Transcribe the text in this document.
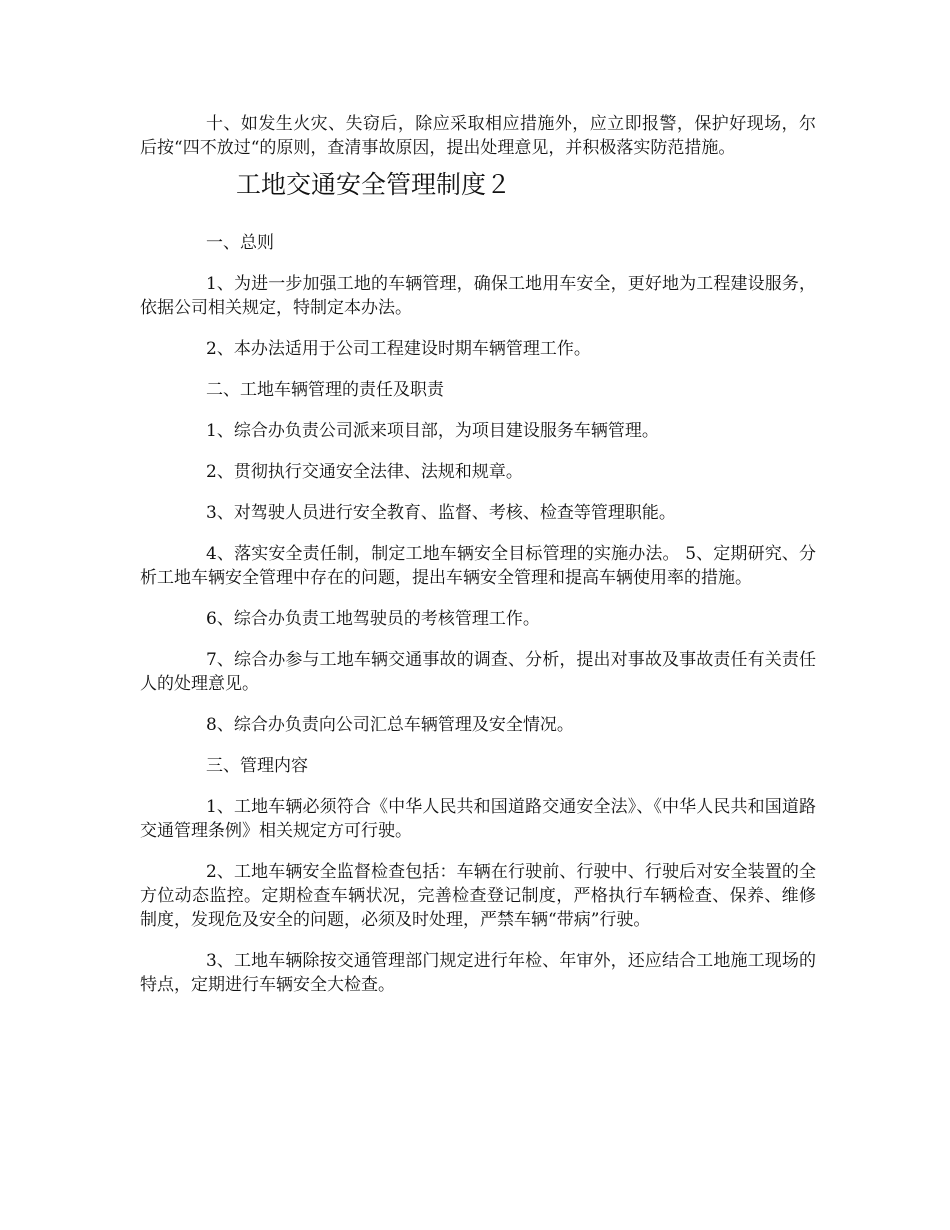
十、如发生火灾、失窃后，除应采取相应措施外，应立即报警，保护好现场，尔后按“四不放过“的原则，查清事故原因，提出处理意见，并积极落实防范措施。

工地交通安全管理制度２

一、总则

1、为进一步加强工地的车辆管理，确保工地用车安全，更好地为工程建设服务，依据公司相关规定，特制定本办法。

2、本办法适用于公司工程建设时期车辆管理工作。

二、工地车辆管理的责任及职责

1、综合办负责公司派来项目部，为项目建设服务车辆管理。

2、贯彻执行交通安全法律、法规和规章。

3、对驾驶人员进行安全教育、监督、考核、检查等管理职能。

4、落实安全责任制，制定工地车辆安全目标管理的实施办法。 5、定期研究、分析工地车辆安全管理中存在的问题，提出车辆安全管理和提高车辆使用率的措施。

6、综合办负责工地驾驶员的考核管理工作。

7、综合办参与工地车辆交通事故的调查、分析，提出对事故及事故责任有关责任人的处理意见。

8、综合办负责向公司汇总车辆管理及安全情况。

三、管理内容

1、工地车辆必须符合《中华人民共和国道路交通安全法》、《中华人民共和国道路交通管理条例》相关规定方可行驶。

2、工地车辆安全监督检查包括：车辆在行驶前、行驶中、行驶后对安全装置的全方位动态监控。定期检查车辆状况，完善检查登记制度，严格执行车辆检查、保养、维修制度，发现危及安全的问题，必须及时处理，严禁车辆“带病”行驶。

3、工地车辆除按交通管理部门规定进行年检、年审外，还应结合工地施工现场的特点，定期进行车辆安全大检查。
